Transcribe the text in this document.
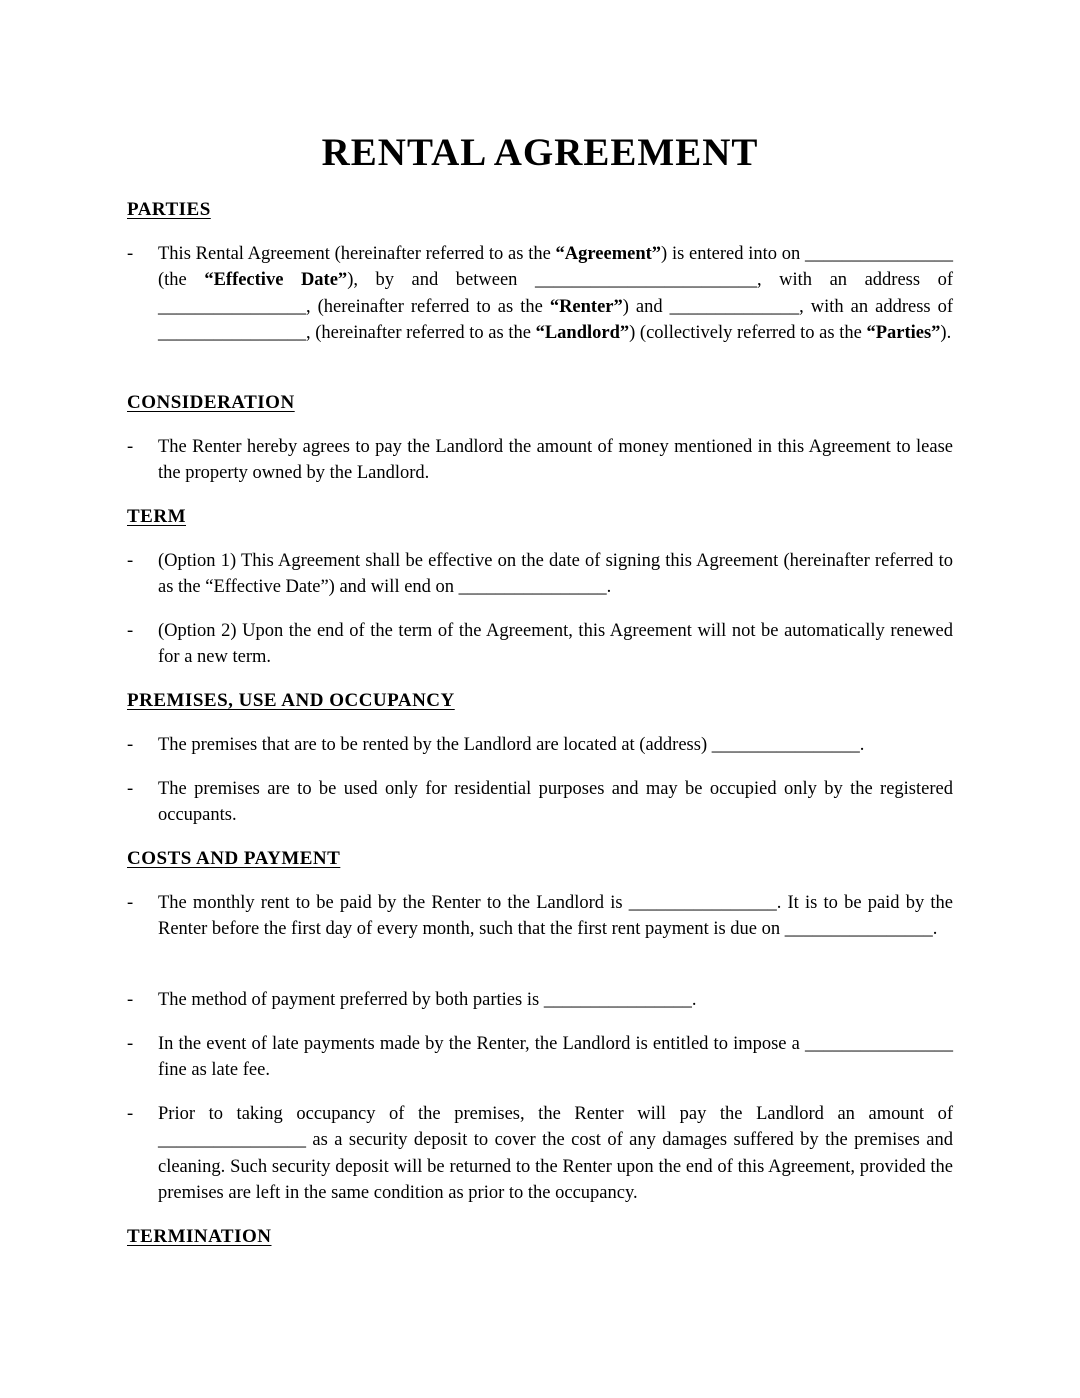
RENTAL AGREEMENT
PARTIES
- This Rental Agreement (hereinafter referred to as the “Agreement”) is entered into on ________________ (the “Effective Date”), by and between ________________________, with an address of ________________, (hereinafter referred to as the “Renter”) and ______________, with an address of ________________, (hereinafter referred to as the “Landlord”) (collectively referred to as the “Parties”).

CONSIDERATION
- The Renter hereby agrees to pay the Landlord the amount of money mentioned in this Agreement to lease the property owned by the Landlord.

TERM
- (Option 1) This Agreement shall be effective on the date of signing this Agreement (hereinafter referred to as the “Effective Date”) and will end on ________________.

- (Option 2) Upon the end of the term of the Agreement, this Agreement will not be automatically renewed for a new term.

PREMISES, USE AND OCCUPANCY
- The premises that are to be rented by the Landlord are located at (address) ________________.

- The premises are to be used only for residential purposes and may be occupied only by the registered occupants.

COSTS AND PAYMENT
- The monthly rent to be paid by the Renter to the Landlord is ________________. It is to be paid by the Renter before the first day of every month, such that the first rent payment is due on ________________.

- The method of payment preferred by both parties is ________________.

- In the event of late payments made by the Renter, the Landlord is entitled to impose a ________________ fine as late fee.

- Prior to taking occupancy of the premises, the Renter will pay the Landlord an amount of ________________ as a security deposit to cover the cost of any damages suffered by the premises and cleaning. Such security deposit will be returned to the Renter upon the end of this Agreement, provided the premises are left in the same condition as prior to the occupancy.

TERMINATION
